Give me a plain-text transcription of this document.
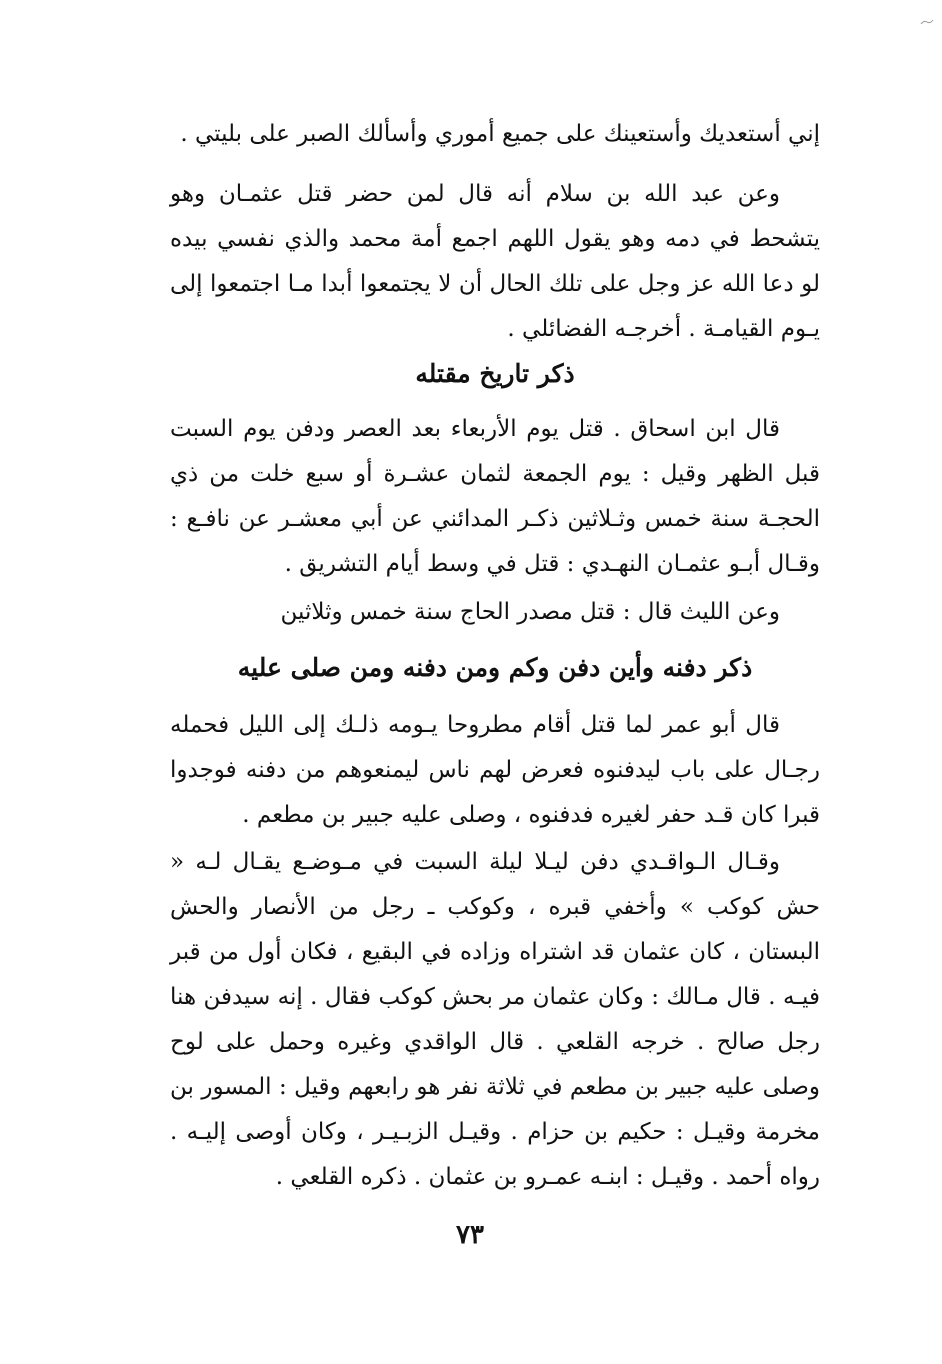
إني أستعديك وأستعينك على جميع أموري وأسألك الصبر على بليتي .

وعن عبد الله بن سلام أنه قال لمن حضر قتل عثمـان وهو يتشحط في دمه وهو يقول اللهم اجمع أمة محمد والذي نفسي بيده لو دعا الله عز وجل على تلك الحال أن لا يجتمعوا أبدا مـا اجتمعوا إلى يـوم القيامـة . أخرجـه الفضائلي .

ذكر تاريخ مقتله

قال ابن اسحاق . قتل يوم الأربعاء بعد العصر ودفن يوم السبت قبل الظهر وقيل : يوم الجمعة لثمان عشـرة أو سبع خلت من ذي الحجـة سنة خمس وثـلاثين ذكـر المدائني عن أبي معشـر عن نافـع : وقـال أبـو عثمـان النهـدي : قتل في وسط أيام التشريق .

وعن الليث قال : قتل مصدر الحاج سنة خمس وثلاثين

ذكر دفنه وأين دفن وكم ومن دفنه ومن صلى عليه

قال أبو عمر لما قتل أقام مطروحا يـومه ذلـك إلى الليل فحمله رجـال على باب ليدفنوه فعرض لهم ناس ليمنعوهم من دفنه فوجدوا قبرا كان قـد حفر لغيره فدفنوه ، وصلى عليه جبير بن مطعم .

وقـال الـواقـدي دفن ليـلا ليلة السبت في مـوضـع يقـال لـه « حش كوكب » وأخفي قبره ، وكوكب ـ رجل من الأنصار والحش البستان ، كان عثمان قد اشتراه وزاده في البقيع ، فكان أول من قبر فيـه . قال مـالك : وكان عثمان مر بحش كوكب فقال . إنه سيدفن هنا رجل صالح . خرجه القلعي . قال الواقدي وغيره وحمل على لوح وصلى عليه جبير بن مطعم في ثلاثة نفر هو رابعهم وقيل : المسور بن مخرمة وقيـل : حكيم بن حزام . وقيـل الزبـيـر ، وكان أوصى إليـه . رواه أحمد . وقيـل : ابنـه عمـرو بن عثمان . ذكره القلعي .

٧٣
